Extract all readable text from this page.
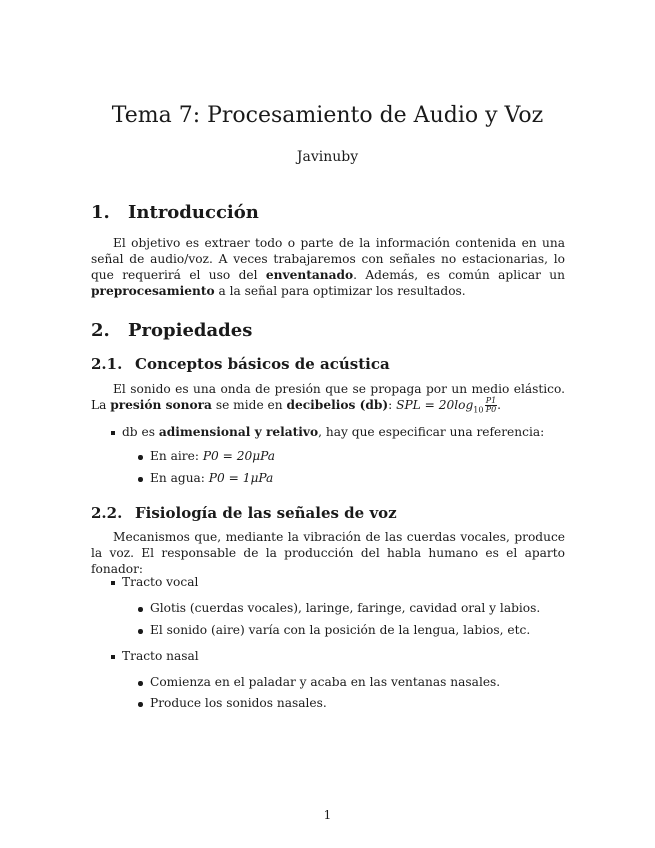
Tema 7: Procesamiento de Audio y Voz
Javinuby
1. Introducción

El objetivo es extraer todo o parte de la información contenida en una señal de audio/voz. A veces trabajaremos con señales no estacionarias, lo que requerirá el uso del enventanado. Además, es común aplicar un preprocesamiento a la señal para optimizar los resultados.

2. Propiedades
2.1. Conceptos básicos de acústica

El sonido es una onda de presión que se propaga por un medio elástico. La presión sonora se mide en decibelios (db): SPL = $20\log_{10}$  $\frac{P1}{P0}$ .

db es adimensional y relativo, hay que especificar una referencia:

En aire: P0 = 20μPa

En agua: P0 = 1μPa

2.2. Fisiología de las señales de voz

Mecanismos que, mediante la vibración de las cuerdas vocales, produce la voz. El responsable de la producción del habla humano es el aparto fonador:

Tracto vocal

Glotis (cuerdas vocales), laringe, faringe, cavidad oral y labios.

El sonido (aire) varía con la posición de la lengua, labios, etc.

Tracto nasal

Comienza en el paladar y acaba en las ventanas nasales.

Produce los sonidos nasales.

1
